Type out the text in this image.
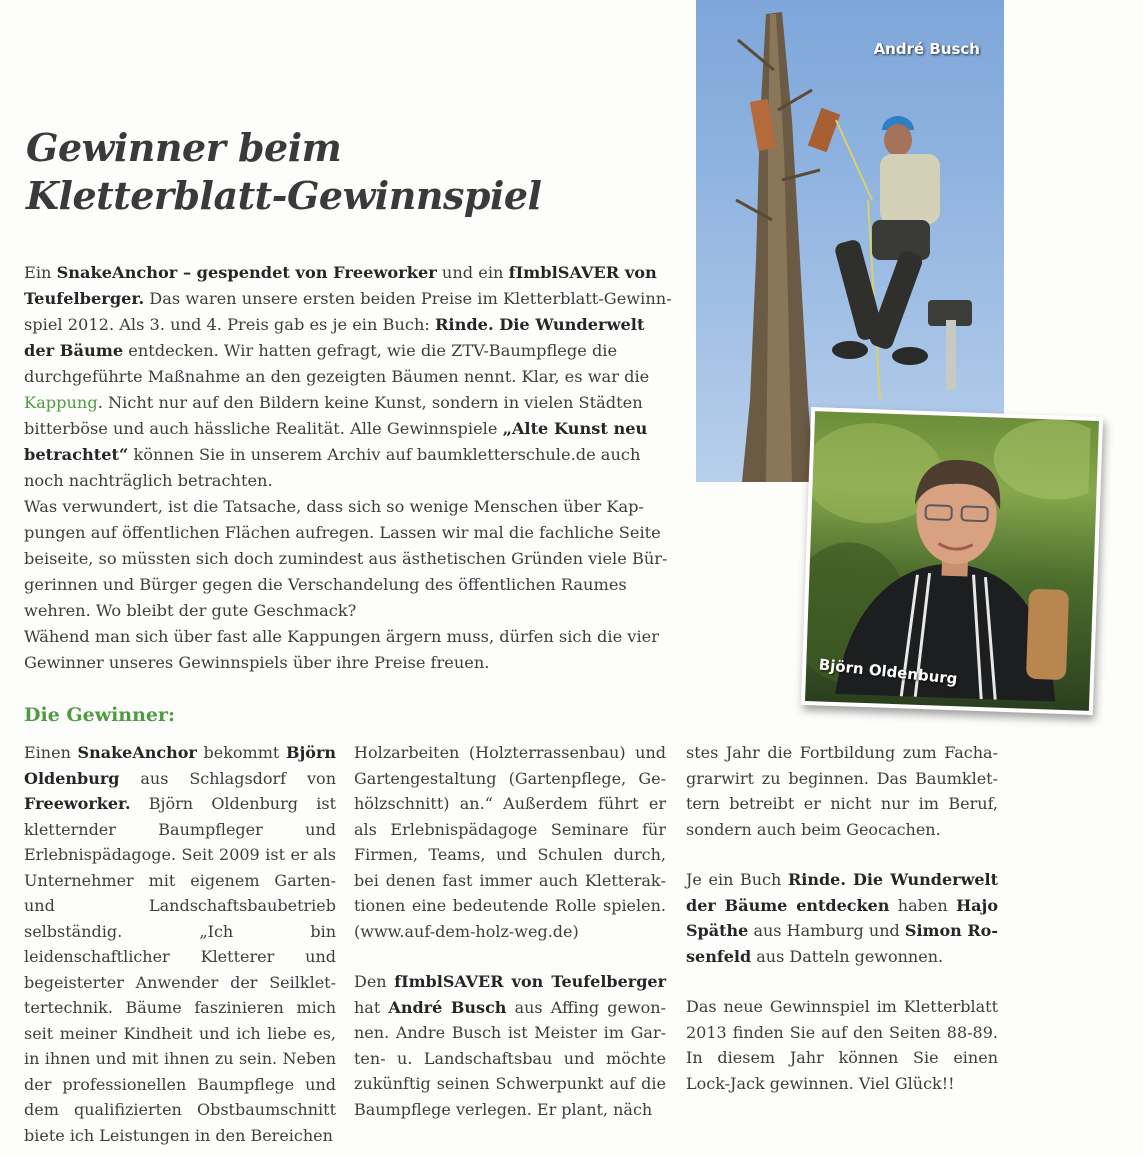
Gewinner beim
Kletterblatt-Gewinnspiel

Ein SnakeAnchor – gespendet von Freeworker und ein fImblSAVER von Teufelberger. Das waren unsere ersten beiden Preise im Kletterblatt-Gewinnspiel 2012. Als 3. und 4. Preis gab es je ein Buch: Rinde. Die Wunderwelt der Bäume entdecken. Wir hatten gefragt, wie die ZTV-Baumpflege die durchgeführte Maßnahme an den gezeigten Bäumen nennt. Klar, es war die Kappung. Nicht nur auf den Bildern keine Kunst, sondern in vielen Städten bitterböse und auch hässliche Realität. Alle Gewinnspiele „Alte Kunst neu betrachtet“ können Sie in unserem Archiv auf baumkletterschule.de auch noch nachträglich betrachten.

Was verwundert, ist die Tatsache, dass sich so wenige Menschen über Kappungen auf öffentlichen Flächen aufregen. Lassen wir mal die fachliche Seite beiseite, so müssten sich doch zumindest aus ästhetischen Gründen viele Bürgerinnen und Bürger gegen die Verschandelung des öffentlichen Raumes wehren. Wo bleibt der gute Geschmack?

Wähend man sich über fast alle Kappungen ärgern muss, dürfen sich die vier Gewinner unseres Gewinnspiels über ihre Preise freuen.

André Busch
Björn Oldenburg
Die Gewinner:

Einen SnakeAnchor bekommt Björn Oldenburg aus Schlagsdorf von Freeworker. Björn Oldenburg ist kletternder Baumpfleger und Erlebnispädagoge. Seit 2009 ist er als Unternehmer mit eigenem Garten- und Landschaftsbaubetrieb selbständig. „Ich bin leidenschaftlicher Kletterer und begeisterter Anwender der Seilklettertechnik. Bäume faszinieren mich seit meiner Kindheit und ich liebe es, in ihnen und mit ihnen zu sein. Neben der professionellen Baumpflege und dem qualifizierten Obstbaumschnitt biete ich Leistungen in den Bereichen

Holzarbeiten (Holzterrassenbau) und Gartengestaltung (Gartenpflege, Gehölzschnitt) an.“ Außerdem führt er als Erlebnispädagoge Seminare für Firmen, Teams, und Schulen durch, bei denen fast immer auch Kletteraktionen eine bedeutende Rolle spielen. (www.auf-dem-holz-weg.de)

Den fImblSAVER von Teufelberger hat André Busch aus Affing gewonnen. Andre Busch ist Meister im Garten- u. Landschaftsbau und möchte zukünftig seinen Schwerpunkt auf die Baumpflege verlegen. Er plant, näch

stes Jahr die Fortbildung zum Fachagrarwirt zu beginnen. Das Baumklettern betreibt er nicht nur im Beruf, sondern auch beim Geocachen.

Je ein Buch Rinde. Die Wunderwelt der Bäume entdecken haben Hajo Späthe aus Hamburg und Simon Rosenfeld aus Datteln gewonnen.

Das neue Gewinnspiel im Kletterblatt 2013 finden Sie auf den Seiten 88-89. In diesem Jahr können Sie einen Lock-Jack gewinnen. Viel Glück!!
